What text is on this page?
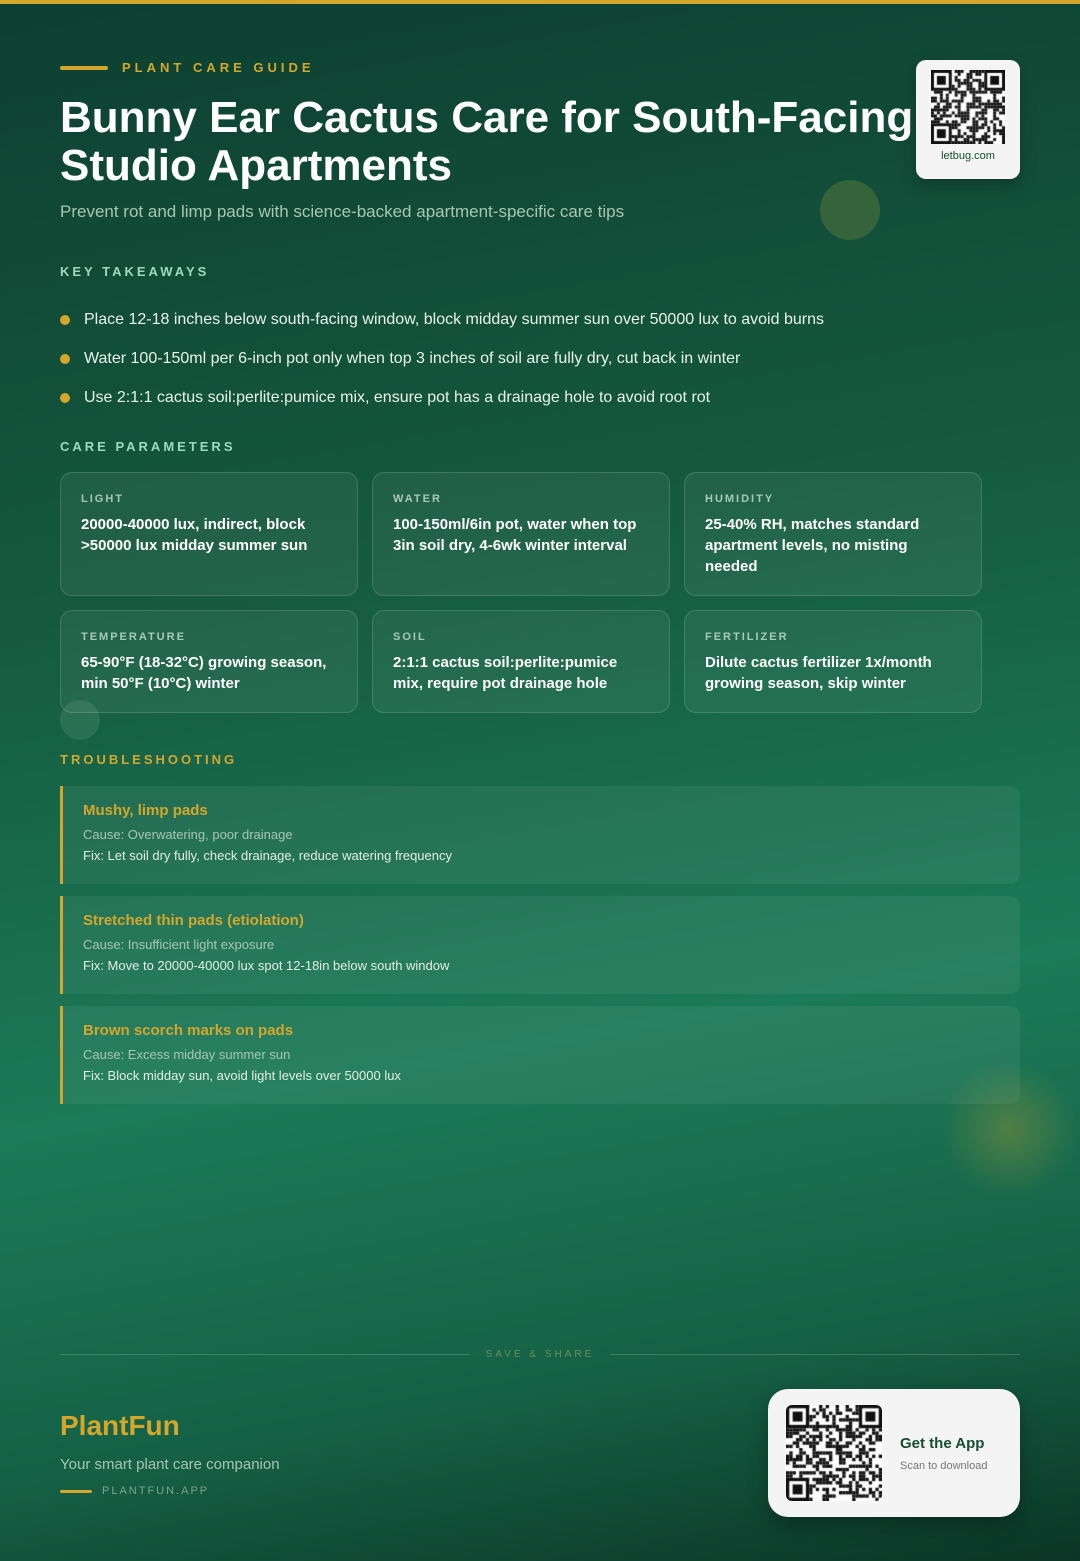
PLANT CARE GUIDE
Bunny Ear Cactus Care for South-Facing Studio Apartments
Prevent rot and limp pads with science-backed apartment-specific care tips
letbug.com
KEY TAKEAWAYS
Place 12-18 inches below south-facing window, block midday summer sun over 50000 lux to avoid burns
Water 100-150ml per 6-inch pot only when top 3 inches of soil are fully dry, cut back in winter
Use 2:1:1 cactus soil:perlite:pumice mix, ensure pot has a drainage hole to avoid root rot
CARE PARAMETERS
LIGHT
20000-40000 lux, indirect, block >50000 lux midday summer sun
WATER
100-150ml/6in pot, water when top 3in soil dry, 4-6wk winter interval
HUMIDITY
25-40% RH, matches standard apartment levels, no misting needed
TEMPERATURE
65-90°F (18-32°C) growing season, min 50°F (10°C) winter
SOIL
2:1:1 cactus soil:perlite:pumice mix, require pot drainage hole
FERTILIZER
Dilute cactus fertilizer 1x/month growing season, skip winter
TROUBLESHOOTING
Mushy, limp pads
Cause: Overwatering, poor drainage
Fix: Let soil dry fully, check drainage, reduce watering frequency
Stretched thin pads (etiolation)
Cause: Insufficient light exposure
Fix: Move to 20000-40000 lux spot 12-18in below south window
Brown scorch marks on pads
Cause: Excess midday summer sun
Fix: Block midday sun, avoid light levels over 50000 lux
SAVE & SHARE
PlantFun
Your smart plant care companion
PLANTFUN.APP
Get the App
Scan to download
